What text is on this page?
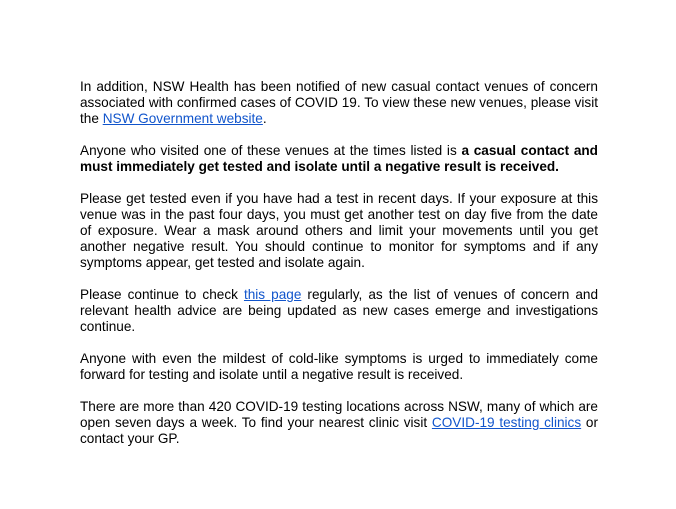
In addition, NSW Health has been notified of new casual contact venues of concern
associated with confirmed cases of COVID 19. To view these new venues, please visit
the NSW Government website.
Anyone who visited one of these venues at the times listed is a casual contact and
must immediately get tested and isolate until a negative result is received.
Please get tested even if you have had a test in recent days. If your exposure at this
venue was in the past four days, you must get another test on day five from the date
of exposure. Wear a mask around others and limit your movements until you get
another negative result. You should continue to monitor for symptoms and if any
symptoms appear, get tested and isolate again.
Please continue to check this page regularly, as the list of venues of concern and
relevant health advice are being updated as new cases emerge and investigations
continue.
Anyone with even the mildest of cold-like symptoms is urged to immediately come
forward for testing and isolate until a negative result is received.
There are more than 420 COVID-19 testing locations across NSW, many of which are
open seven days a week. To find your nearest clinic visit COVID-19 testing clinics or
contact your GP.
